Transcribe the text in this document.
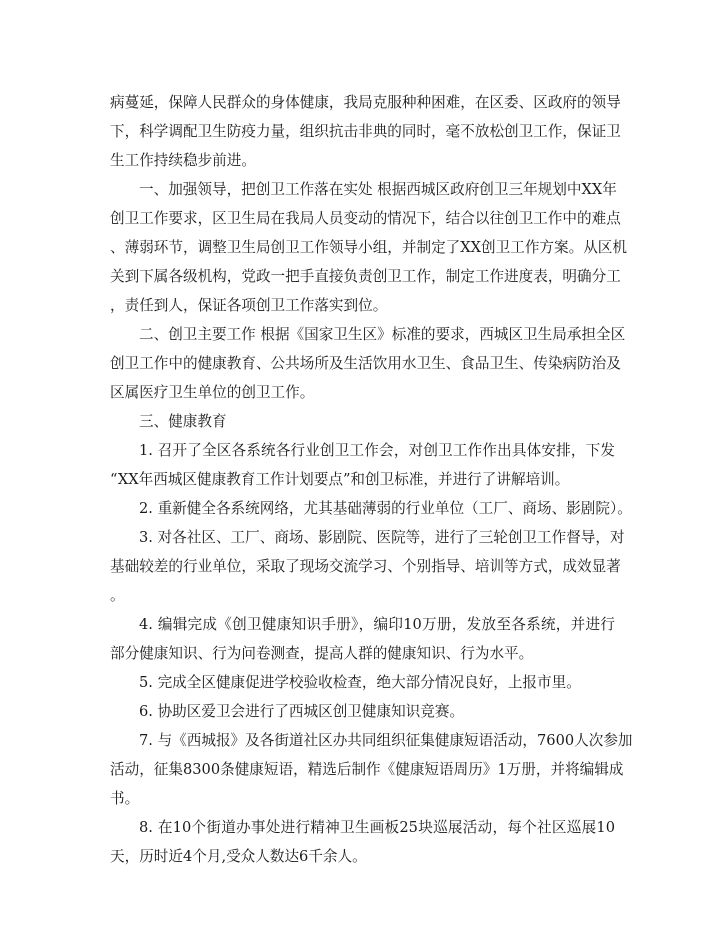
病蔓延，保障人民群众的身体健康，我局克服种种困难，在区委、区政府的领导
下，科学调配卫生防疫力量，组织抗击非典的同时，毫不放松创卫工作，保证卫
生工作持续稳步前进。
一、加强领导，把创卫工作落在实处 根据西城区政府创卫三年规划中XX年
创卫工作要求，区卫生局在我局人员变动的情况下，结合以往创卫工作中的难点
、薄弱环节，调整卫生局创卫工作领导小组，并制定了XX创卫工作方案。从区机
关到下属各级机构，党政一把手直接负责创卫工作，制定工作进度表，明确分工
，责任到人，保证各项创卫工作落实到位。
二、创卫主要工作 根据《国家卫生区》标准的要求，西城区卫生局承担全区
创卫工作中的健康教育、公共场所及生活饮用水卫生、食品卫生、传染病防治及
区属医疗卫生单位的创卫工作。
三、健康教育
1. 召开了全区各系统各行业创卫工作会，对创卫工作作出具体安排，下发
“XX年西城区健康教育工作计划要点”和创卫标准，并进行了讲解培训。
2. 重新健全各系统网络，尤其基础薄弱的行业单位（工厂、商场、影剧院）。
3. 对各社区、工厂、商场、影剧院、医院等，进行了三轮创卫工作督导，对
基础较差的行业单位，采取了现场交流学习、个别指导、培训等方式，成效显著
。
4. 编辑完成《创卫健康知识手册》，编印10万册，发放至各系统，并进行
部分健康知识、行为问卷测查，提高人群的健康知识、行为水平。
5. 完成全区健康促进学校验收检查，绝大部分情况良好，上报市里。
6. 协助区爱卫会进行了西城区创卫健康知识竞赛。
7. 与《西城报》及各街道社区办共同组织征集健康短语活动，7600人次参加
活动，征集8300条健康短语，精选后制作《健康短语周历》1万册，并将编辑成
书。
8. 在10个街道办事处进行精神卫生画板25块巡展活动，每个社区巡展10
天，历时近4个月,受众人数达6千余人。
